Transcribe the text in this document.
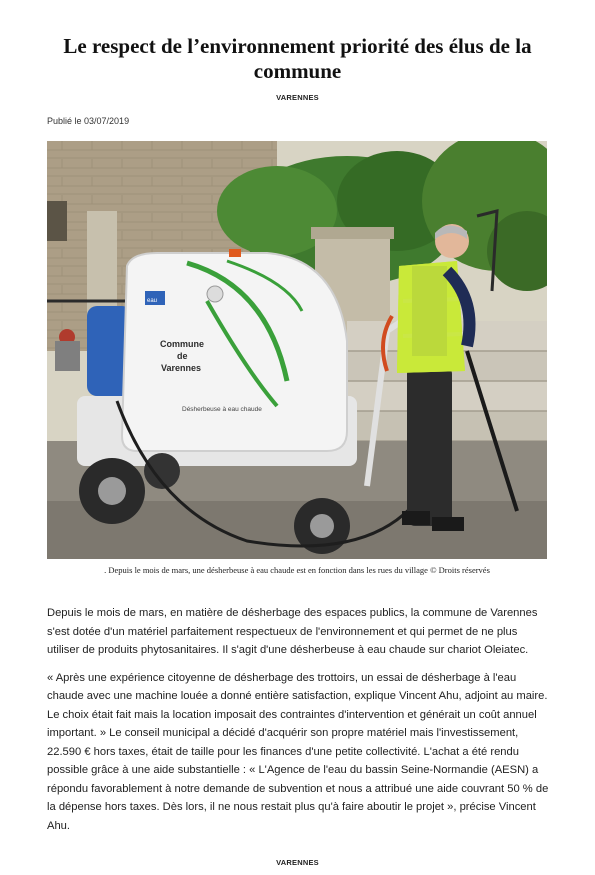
Le respect de l’environnement priorité des élus de la commune
VARENNES
Publié le 03/07/2019
eau
Commune
de
Varennes
Désherbeuse à eau chaude
. Depuis le mois de mars, une désherbeuse à eau chaude est en fonction dans les rues du village © Droits réservés

Depuis le mois de mars, en matière de désherbage des espaces publics, la commune de Varennes s'est dotée d'un matériel parfaitement respectueux de l'environnement et qui permet de ne plus utiliser de produits phytosanitaires. Il s'agit d'une désherbeuse à eau chaude sur chariot Oleiatec.

« Après une expérience citoyenne de désherbage des trottoirs, un essai de désherbage à l'eau chaude avec une machine louée a donné entière satisfaction, explique Vincent Ahu, adjoint au maire. Le choix était fait mais la location imposait des contraintes d'intervention et générait un coût annuel important. » Le conseil municipal a décidé d'acquérir son propre matériel mais l'investissement, 22.590 € hors taxes, était de taille pour les finances d'une petite collectivité. L'achat a été rendu possible grâce à une aide substantielle : « L'Agence de l'eau du bassin Seine-Normandie (AESN) a répondu favorablement à notre demande de subvention et nous a attribué une aide couvrant 50 % de la dépense hors taxes. Dès lors, il ne nous restait plus qu'à faire aboutir le projet », précise Vincent Ahu.

VARENNES
